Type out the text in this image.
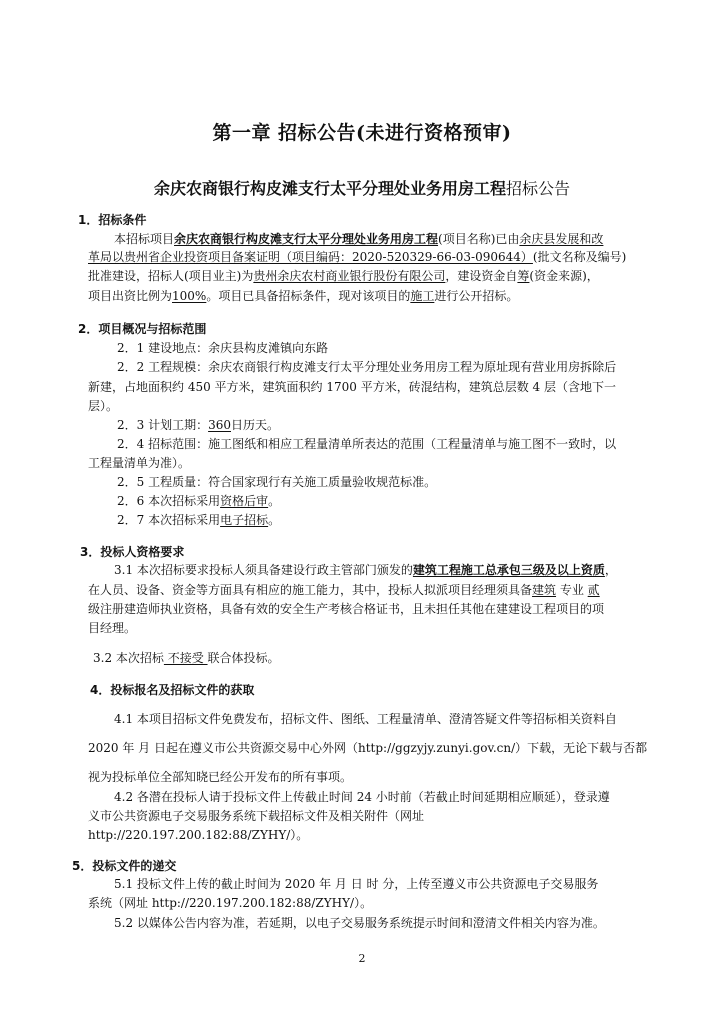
第一章 招标公告(未进行资格预审)
余庆农商银行构皮滩支行太平分理处业务用房工程招标公告
1．招标条件
本招标项目余庆农商银行构皮滩支行太平分理处业务用房工程(项目名称)已由余庆县发展和改
革局以贵州省企业投资项目备案证明（项目编码：2020-520329-66-03-090644）(批文名称及编号)
批准建设，招标人(项目业主)为贵州余庆农村商业银行股份有限公司，建设资金自筹(资金来源)，
项目出资比例为100%。项目已具备招标条件，现对该项目的施工进行公开招标。
2．项目概况与招标范围
2．1 建设地点：余庆县构皮滩镇向东路
2．2 工程规模：余庆农商银行构皮滩支行太平分理处业务用房工程为原址现有营业用房拆除后
新建，占地面积约 450 平方米，建筑面积约 1700 平方米，砖混结构，建筑总层数 4 层（含地下一
层）。
2．3 计划工期：360日历天。
2．4 招标范围：施工图纸和相应工程量清单所表达的范围（工程量清单与施工图不一致时，以
工程量清单为准）。
2．5 工程质量：符合国家现行有关施工质量验收规范标准。
2．6 本次招标采用资格后审。
2．7 本次招标采用电子招标。
3．投标人资格要求
3.1 本次招标要求投标人须具备建设行政主管部门颁发的建筑工程施工总承包三级及以上资质，
在人员、设备、资金等方面具有相应的施工能力，其中，投标人拟派项目经理须具备建筑 专业 贰
级注册建造师执业资格，具备有效的安全生产考核合格证书，且未担任其他在建建设工程项目的项
目经理。
3.2 本次招标 不接受 联合体投标。
4．投标报名及招标文件的获取
4.1 本项目招标文件免费发布，招标文件、图纸、工程量清单、澄清答疑文件等招标相关资料自
2020 年 月 日起在遵义市公共资源交易中心外网（http://ggzyjy.zunyi.gov.cn/）下载，无论下载与否都
视为投标单位全部知晓已经公开发布的所有事项。
4.2 各潜在投标人请于投标文件上传截止时间 24 小时前（若截止时间延期相应顺延），登录遵
义市公共资源电子交易服务系统下载招标文件及相关附件（网址
http://220.197.200.182:88/ZYHY/）。
5．投标文件的递交
5.1 投标文件上传的截止时间为 2020 年 月 日 时 分，上传至遵义市公共资源电子交易服务
系统（网址 http://220.197.200.182:88/ZYHY/）。
5.2 以媒体公告内容为准，若延期，以电子交易服务系统提示时间和澄清文件相关内容为准。
2
